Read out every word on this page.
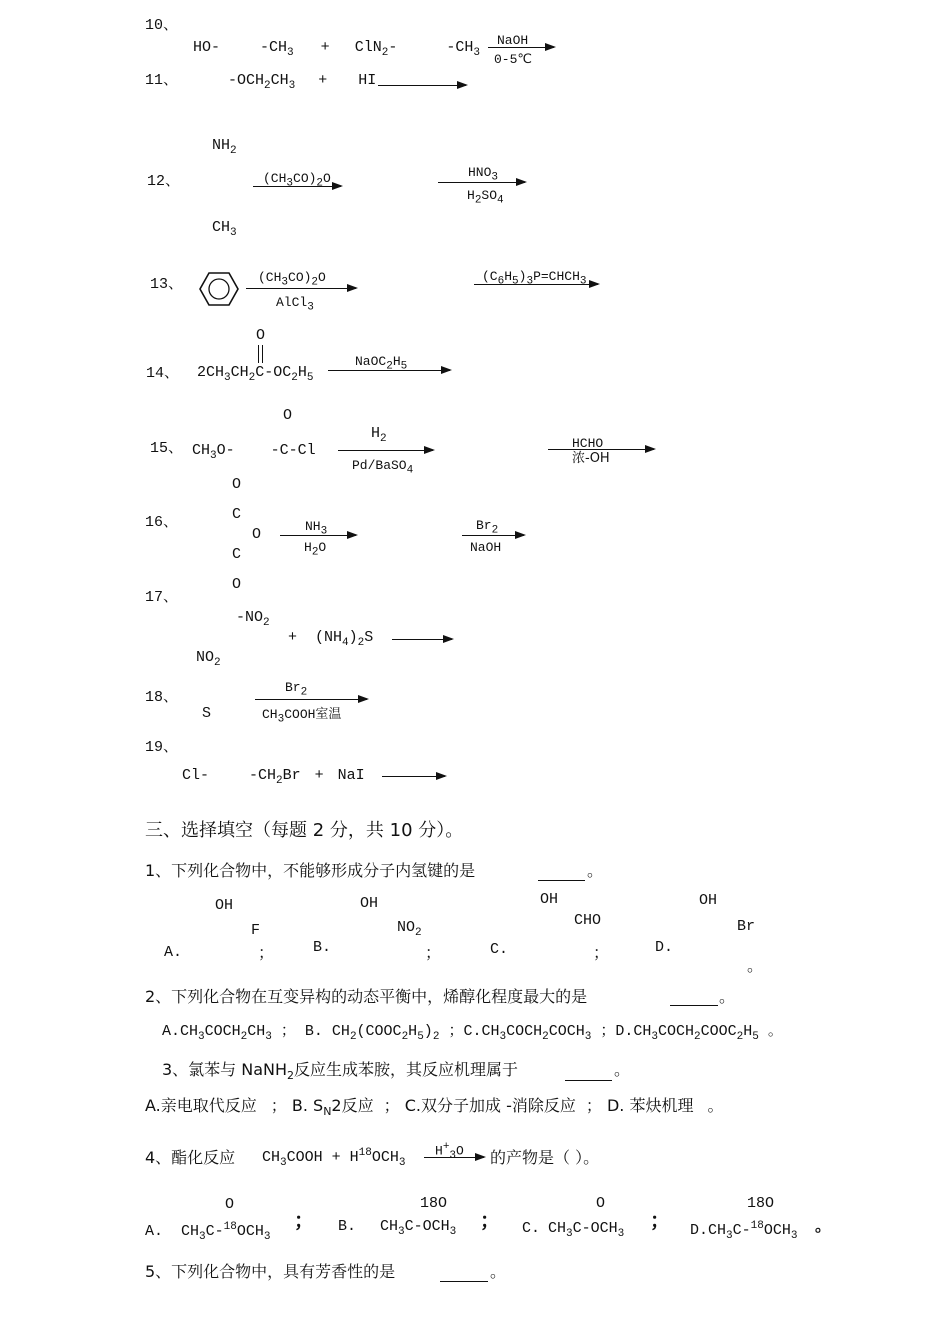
10、
HO-	$-CH_3 + ClN_2-$	$-CH_3$
NaOH
0-5℃
11、	$-OCH_2CH_3$ + HI
$NH_2$
12、	$(CH_3CO)_2O$	$HNO_3$
$H_2SO_4$
$CH_3$
13、	$(CH_3CO)_2O$
AlCl$_3$
$(C_6H_5)_3P=CHCH_3$
O
14、 $2CH_3CH_2C-OC_2H_5$
$NaOC_2H_5$
O
15、 $CH_3O-$ -C-Cl
$H_2$
Pd/BaSO$_4$
HCHO
浓-OH
O
16、	C
O
C
O
$NH_3$
$H_2O$
$Br_2$
NaOH
17、
$-NO_2$
+ $(NH_4)_2S$ →
$NO_2$
18、
$Br_2$
S	$CH_3COOH$室温
19、
Cl-	$-CH_2Br$ + NaI →
三、选择填空（每题 2 分，共 10 分）。
1、下列化合物中，不能够形成分子内氢键的是	。
OH
F
A.	；
OH
$NO_2$
B.	；
OH
CHO
C.	；
OH
Br
D.
。
2、下列化合物在互变异构的动态平衡中，烯醇化程度最大的是	。
$A.CH_3COCH_2CH_3$ ； B. $CH_2(COOC_2H_5)_2$ ；$C.CH_3COCH_2COCH_3$ ；$D.CH_3COCH_2COOC_2H_5$ 。
3、氯苯与 NaNH$_2$反应生成苯胺，其反应机理属于	。
A.亲电取代反应 ； B. $S_N2$反应 ； C.双分子加成 -消除反应 ； D. 苯炔机理 。
4、酯化反应 $CH_3COOH + H^{18}OCH_3$
$H^+_3O$ → 的产物是（ ）。
O
A. $CH_3C-^{18}OCH_3$
；
18O
B. $CH_3C-OCH_3$ ；
O
C. $CH_3C-OCH_3$
；
18O
$D.CH_3C-^{18}OCH_3$
。
5、下列化合物中，具有芳香性的是	。
